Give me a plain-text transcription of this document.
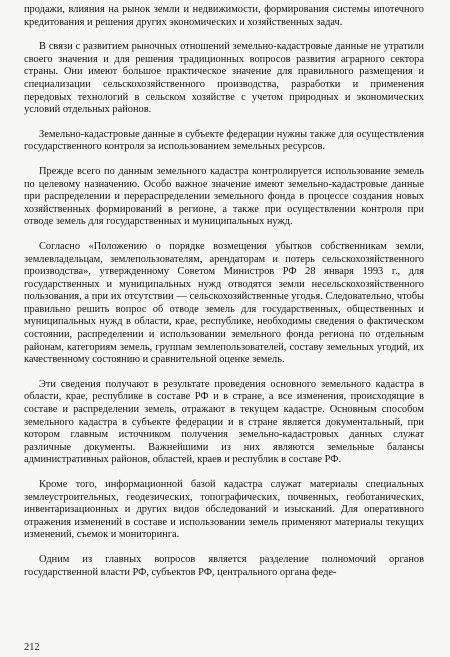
продажи, влияния на рынок земли и недвижимости, формирования системы ипотечного кредитования и решения других экономических и хозяйственных задач.

В связи с развитием рыночных отношений земельно-кадастровые данные не утратили своего значения и для решения традиционных вопросов развития аграрного сектора страны. Они имеют большое практическое значение для правильного размещения и специализации сельскохозяйственного производства, разработки и применения передовых технологий в сельском хозяйстве с учетом природных и экономических условий отдельных районов.

Земельно-кадастровые данные в субъекте федерации нужны также для осуществления государственного контроля за использованием земельных ресурсов.

Прежде всего по данным земельного кадастра контролируется использование земель по целевому назначению. Особо важное значение имеют земельно-кадастровые данные при распределении и перераспределении земельного фонда в процессе создания новых хозяйственных формирований в регионе, а также при осуществлении контроля при отводе земель для государственных и муниципальных нужд.

Согласно «Положению о порядке возмещения убытков собственникам земли, землевладельцам, землепользователям, арендаторам и потерь сельскохозяйственного производства», утвержденному Советом Министров РФ 28 января 1993 г., для государственных и муниципальных нужд отводятся земли несельскохозяйственного пользования, а при их отсутствии — сельскохозяйственные угодья. Следовательно, чтобы правильно решить вопрос об отводе земель для государственных, общественных и муниципальных нужд в области, крае, республике, необходимы сведения о фактическом состоянии, распределении и использовании земельного фонда региона по отдельным районам, категориям земель, группам землепользователей, составу земельных угодий, их качественному состоянию и сравнительной оценке земель.

Эти сведения получают в результате проведения основного земельного кадастра в области, крае, республике в составе РФ и в стране, а все изменения, происходящие в составе и распределении земель, отражают в текущем кадастре. Основным способом земельного кадастра в субъекте федерации и в стране является документальный, при котором главным источником получения земельно-кадастровых данных служат различные документы. Важнейшими из них являются земельные балансы административных районов, областей, краев и республик в составе РФ.

Кроме того, информационной базой кадастра служат материалы специальных землеустроительных, геодезических, топографических, почвенных, геоботанических, инвентаризационных и других видов обследований и изысканий. Для оперативного отражения изменений в составе и использовании земель применяют материалы текущих изменений, съемок и мониторинга.

Одним из главных вопросов является разделение полномочий органов государственной власти РФ, субъектов РФ, центрального органа феде-

212
